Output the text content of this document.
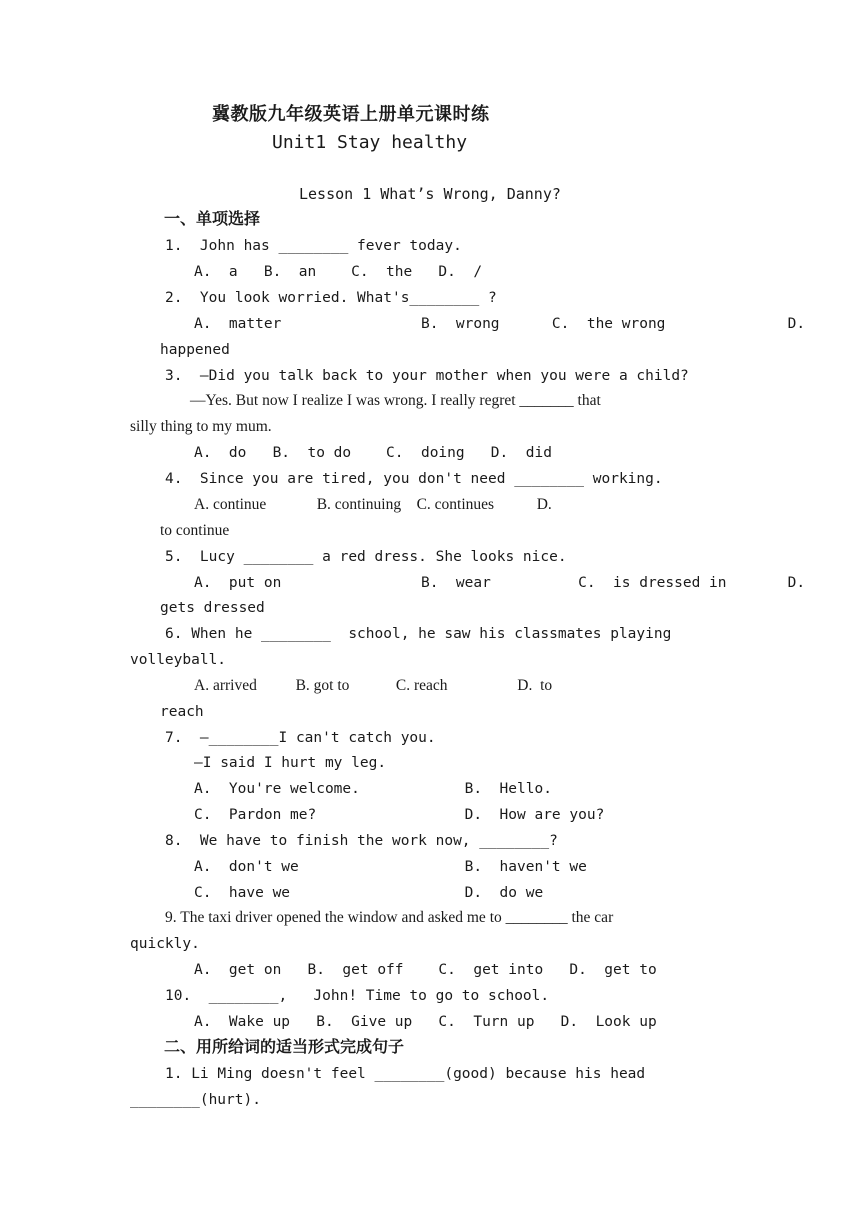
冀教版九年级英语上册单元课时练
Unit1 Stay healthy
Lesson 1 What’s Wrong, Danny?
一、单项选择
1.  John has ________ fever today.
A.  a   B.  an    C.  the   D.  /
2.  You look worried. What's________ ?
A.  matter                B.  wrong      C.  the wrong              D.
happened
3.  —Did you talk back to your mother when you were a child?
—Yes. But now I realize I was wrong. I really regret _______ that
silly thing to my mum.
A.  do   B.  to do    C.  doing   D.  did
4.  Since you are tired, you don't need ________ working.
A. continue             B. continuing    C. continues           D.
to continue
5.  Lucy ________ a red dress. She looks nice.
A.  put on                B.  wear          C.  is dressed in       D.
gets dressed
6. When he ________  school, he saw his classmates playing
volleyball.
A. arrived          B. got to            C. reach                  D.  to
reach
7.  —________I can't catch you.
—I said I hurt my leg.
A.  You're welcome.            B.  Hello.
C.  Pardon me?                 D.  How are you?
8.  We have to finish the work now, ________?
A.  don't we                   B.  haven't we
C.  have we                    D.  do we
9. The taxi driver opened the window and asked me to ________ the car
quickly.
A.  get on   B.  get off    C.  get into   D.  get to
10.  ________,   John! Time to go to school.
A.  Wake up   B.  Give up   C.  Turn up   D.  Look up
二、用所给词的适当形式完成句子
1. Li Ming doesn't feel ________(good) because his head
________(hurt).
